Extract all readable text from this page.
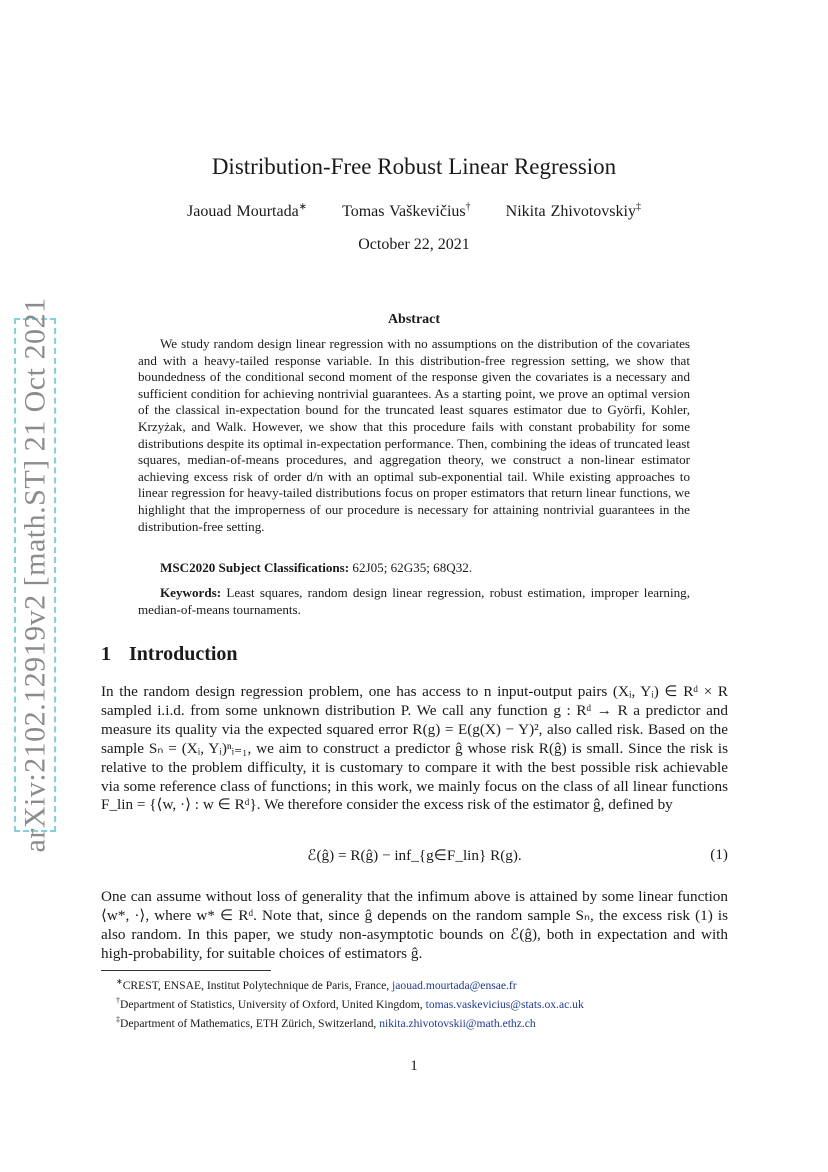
arXiv:2102.12919v2 [math.ST] 21 Oct 2021
Distribution-Free Robust Linear Regression
Jaouad Mourtada∗ Tomas Vaškevičius† Nikita Zhivotovskiy‡
October 22, 2021
Abstract
We study random design linear regression with no assumptions on the distribution of the covariates and with a heavy-tailed response variable. In this distribution-free regression setting, we show that boundedness of the conditional second moment of the response given the covariates is a necessary and sufficient condition for achieving nontrivial guarantees. As a starting point, we prove an optimal version of the classical in-expectation bound for the truncated least squares estimator due to Györfi, Kohler, Krzyżak, and Walk. However, we show that this procedure fails with constant probability for some distributions despite its optimal in-expectation performance. Then, combining the ideas of truncated least squares, median-of-means procedures, and aggregation theory, we construct a non-linear estimator achieving excess risk of order d/n with an optimal sub-exponential tail. While existing approaches to linear regression for heavy-tailed distributions focus on proper estimators that return linear functions, we highlight that the improperness of our procedure is necessary for attaining nontrivial guarantees in the distribution-free setting.
MSC2020 Subject Classifications: 62J05; 62G35; 68Q32.
Keywords: Least squares, random design linear regression, robust estimation, improper learning, median-of-means tournaments.
1 Introduction
In the random design regression problem, one has access to n input-output pairs (Xᵢ, Yᵢ) ∈ Rᵈ × R sampled i.i.d. from some unknown distribution P. We call any function g : Rᵈ → R a predictor and measure its quality via the expected squared error R(g) = E(g(X) − Y)², also called risk. Based on the sample Sₙ = (Xᵢ, Yᵢ)ⁿᵢ₌₁, we aim to construct a predictor ĝ whose risk R(ĝ) is small. Since the risk is relative to the problem difficulty, it is customary to compare it with the best possible risk achievable via some reference class of functions; in this work, we mainly focus on the class of all linear functions F_lin = {⟨w, ·⟩ : w ∈ Rᵈ}. We therefore consider the excess risk of the estimator ĝ, defined by
ℰ(ĝ) = R(ĝ) − inf_{g∈F_lin} R(g).	(1)
One can assume without loss of generality that the infimum above is attained by some linear function ⟨w*, ·⟩, where w* ∈ Rᵈ. Note that, since ĝ depends on the random sample Sₙ, the excess risk (1) is also random. In this paper, we study non-asymptotic bounds on ℰ(ĝ), both in expectation and with high-probability, for suitable choices of estimators ĝ.

∗CREST, ENSAE, Institut Polytechnique de Paris, France, jaouad.mourtada@ensae.fr

†Department of Statistics, University of Oxford, United Kingdom, tomas.vaskevicius@stats.ox.ac.uk

‡Department of Mathematics, ETH Zürich, Switzerland, nikita.zhivotovskii@math.ethz.ch

1
